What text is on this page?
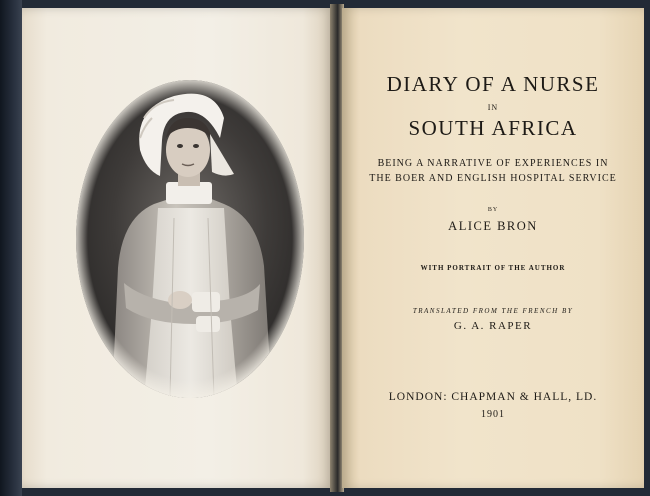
DIARY OF A NURSE
IN
SOUTH AFRICA
BEING A NARRATIVE OF EXPERIENCES IN
THE BOER AND ENGLISH HOSPITAL SERVICE
BY
ALICE BRON
WITH PORTRAIT OF THE AUTHOR
TRANSLATED FROM THE FRENCH BY
G. A. RAPER
LONDON: CHAPMAN & HALL, LD.
1901
